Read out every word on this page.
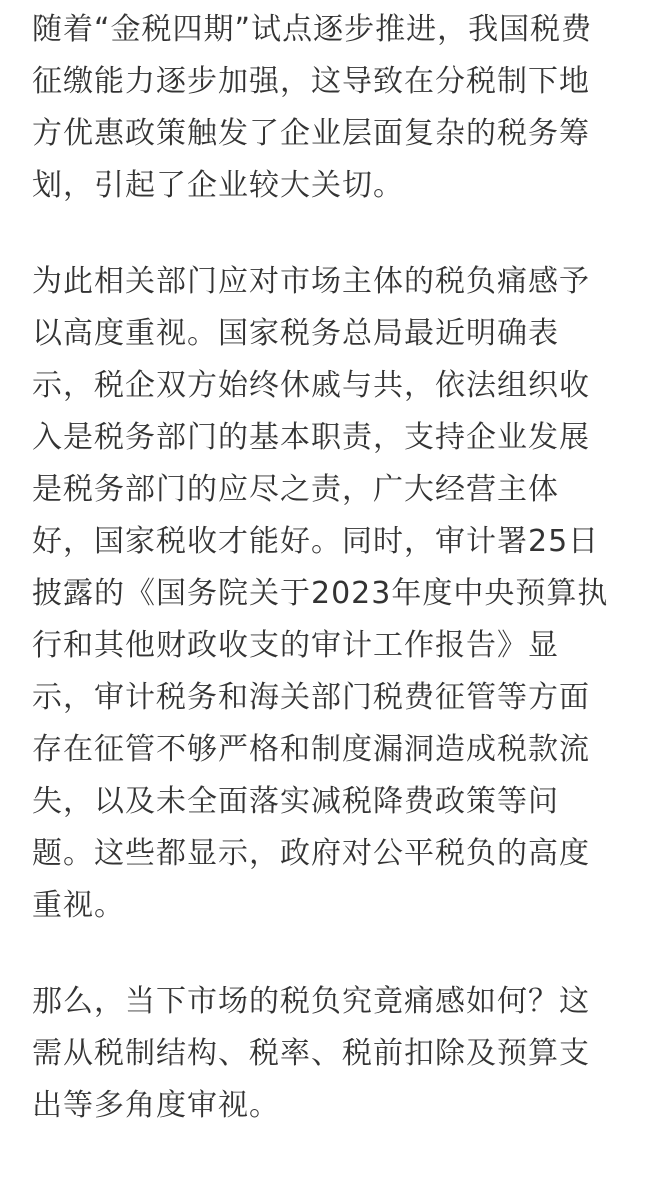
随着“金税四期”试点逐步推进，我国税费
征缴能力逐步加强，这导致在分税制下地
方优惠政策触发了企业层面复杂的税务筹
划，引起了企业较大关切。

为此相关部门应对市场主体的税负痛感予
以高度重视。国家税务总局最近明确表
示，税企双方始终休戚与共，依法组织收
入是税务部门的基本职责，支持企业发展
是税务部门的应尽之责，广大经营主体
好，国家税收才能好。同时，审计署25日
披露的《国务院关于2023年度中央预算执
行和其他财政收支的审计工作报告》显
示，审计税务和海关部门税费征管等方面
存在征管不够严格和制度漏洞造成税款流
失，以及未全面落实减税降费政策等问
题。这些都显示，政府对公平税负的高度
重视。

那么，当下市场的税负究竟痛感如何？这
需从税制结构、税率、税前扣除及预算支
出等多角度审视。
